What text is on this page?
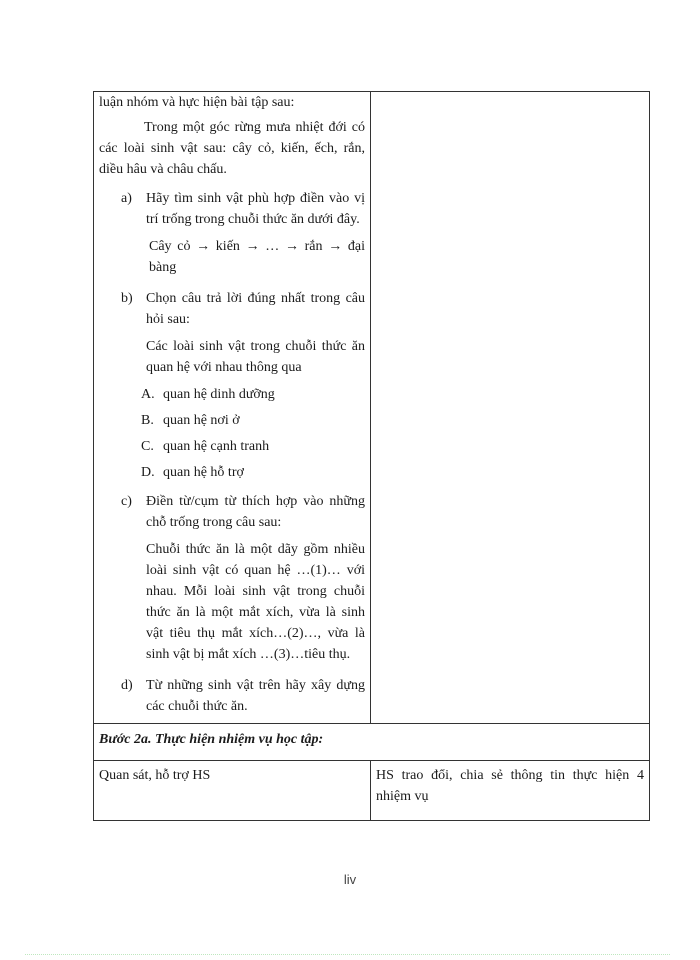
luận nhóm và hực hiện bài tập sau:
Trong một góc rừng mưa nhiệt đới có các loài sinh vật sau: cây cỏ, kiến, ếch, rắn, diều hâu và châu chấu.
a)	Hãy tìm sinh vật phù hợp điền vào vị trí trống trong chuỗi thức ăn dưới đây.
Cây cỏ → kiến → … → rắn → đại bàng
b) Chọn câu trả lời đúng nhất trong câu hỏi sau:
Các loài sinh vật trong chuỗi thức ăn quan hệ với nhau thông qua
A. quan hệ dinh dưỡng
B. quan hệ nơi ở
C. quan hệ cạnh tranh
D. quan hệ hỗ trợ
c)	Điền từ/cụm từ thích hợp vào những chỗ trống trong câu sau:
Chuỗi thức ăn là một dãy gồm nhiều loài sinh vật có quan hệ …(1)… với nhau. Mỗi loài sinh vật trong chuỗi thức ăn là một mắt xích, vừa là sinh vật tiêu thụ mắt xích…(2)…, vừa là sinh vật bị mắt xích …(3)…tiêu thụ.
d) Từ những sinh vật trên hãy xây dựng các chuỗi thức ăn.

Bước 2a. Thực hiện nhiệm vụ học tập:	

Quan sát, hỗ trợ HS	HS trao đổi, chia sẻ thông tin thực hiện 4 nhiệm vụ
liv
